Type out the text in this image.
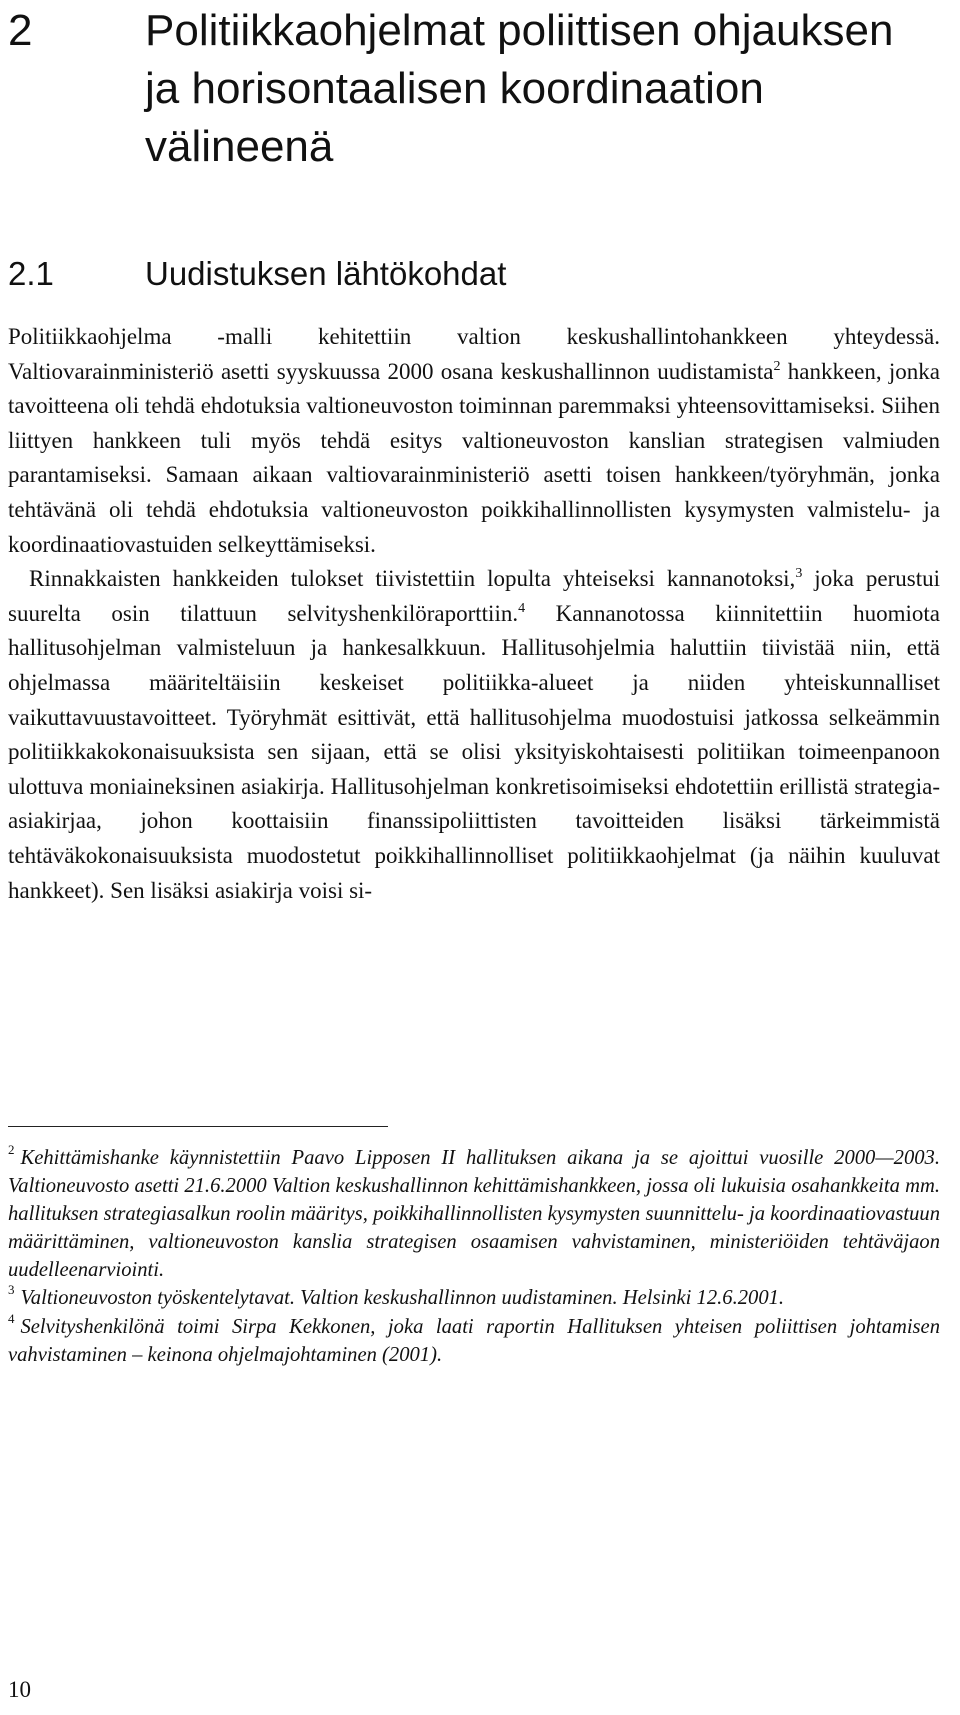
2	Politiikkaohjelmat poliittisen ohjauksen ja horisontaalisen koordinaation välineenä
2.1	Uudistuksen lähtökohdat

Politiikkaohjelma -malli kehitettiin valtion keskushallintohankkeen yhteydessä. Valtiovarainministeriö asetti syyskuussa 2000 osana keskushallinnon uudistamista$^2$ hankkeen, jonka tavoitteena oli tehdä ehdotuksia valtioneuvoston toiminnan paremmaksi yhteensovittamiseksi. Siihen liittyen hankkeen tuli myös tehdä esitys valtioneuvoston kanslian strategisen valmiuden parantamiseksi. Samaan aikaan valtiovarainministeriö asetti toisen hankkeen/työryhmän, jonka tehtävänä oli tehdä ehdotuksia valtioneuvoston poikkihallinnollisten kysymysten valmistelu- ja koordinaatiovastuiden selkeyttämiseksi.

Rinnakkaisten hankkeiden tulokset tiivistettiin lopulta yhteiseksi kannanotoksi,$^3$ joka perustui suurelta osin tilattuun selvityshenkilöraporttiin.$^4$ Kannanotossa kiinnitettiin huomiota hallitusohjelman valmisteluun ja hankesalkkuun. Hallitusohjelmia haluttiin tiivistää niin, että ohjelmassa määriteltäisiin keskeiset politiikka-alueet ja niiden yhteiskunnalliset vaikuttavuustavoitteet. Työryhmät esittivät, että hallitusohjelma muodostuisi jatkossa selkeämmin politiikkakokonaisuuksista sen sijaan, että se olisi yksityiskohtaisesti politiikan toimeenpanoon ulottuva moniaineksinen asiakirja. Hallitusohjelman konkretisoimiseksi ehdotettiin erillistä strategia-asiakirjaa, johon koottaisiin finanssipoliittisten tavoitteiden lisäksi tärkeimmistä tehtäväkokonaisuuksista muodostetut poikkihallinnolliset politiikkaohjelmat (ja näihin kuuluvat hankkeet). Sen lisäksi asiakirja voisi si-

$^2$ Kehittämishanke käynnistettiin Paavo Lipposen II hallituksen aikana ja se ajoittui vuosille 2000—2003. Valtioneuvosto asetti 21.6.2000 Valtion keskushallinnon kehittämishankkeen, jossa oli lukuisia osahankkeita mm. hallituksen strategiasalkun roolin määritys, poikkihallinnollisten kysymysten suunnittelu- ja koordinaatiovastuun määrittäminen, valtioneuvoston kanslia strategisen osaamisen vahvistaminen, ministeriöiden tehtäväjaon uudelleenarviointi.

$^3$ Valtioneuvoston työskentelytavat. Valtion keskushallinnon uudistaminen. Helsinki 12.6.2001.

$^4$ Selvityshenkilönä toimi Sirpa Kekkonen, joka laati raportin Hallituksen yhteisen poliittisen johtamisen vahvistaminen – keinona ohjelmajohtaminen (2001).

10
